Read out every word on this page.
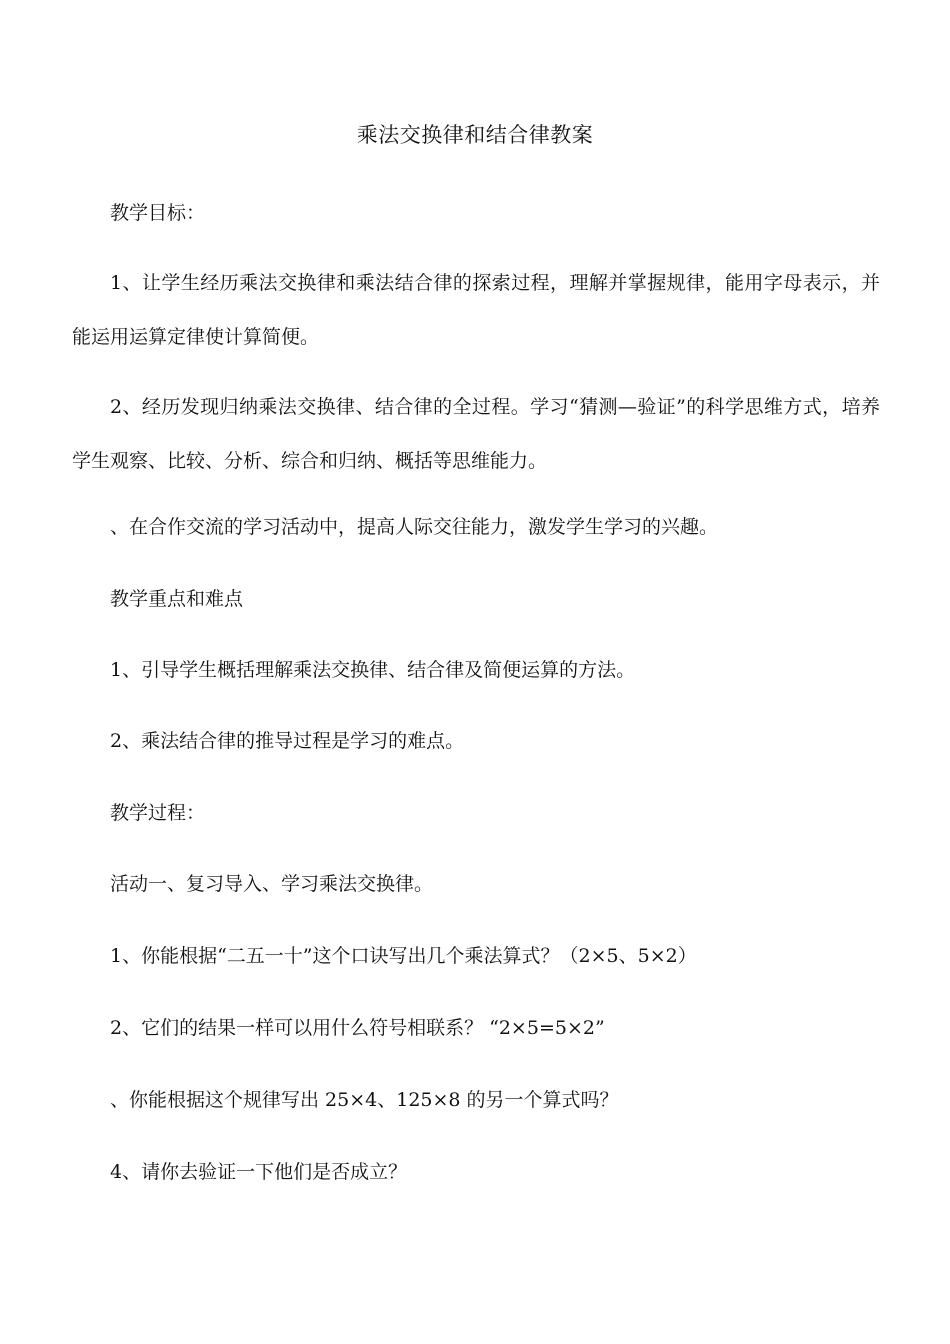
乘法交换律和结合律教案

教学目标：

1、让学生经历乘法交换律和乘法结合律的探索过程，理解并掌握规律，能用字母表示，并能运用运算定律使计算简便。

2、经历发现归纳乘法交换律、结合律的全过程。学习“猜测—验证”的科学思维方式，培养学生观察、比较、分析、综合和归纳、概括等思维能力。

、在合作交流的学习活动中，提高人际交往能力，激发学生学习的兴趣。

教学重点和难点

1、引导学生概括理解乘法交换律、结合律及简便运算的方法。

2、乘法结合律的推导过程是学习的难点。

教学过程：

活动一、复习导入、学习乘法交换律。

1、你能根据“二五一十”这个口诀写出几个乘法算式？（2×5、5×2）

2、它们的结果一样可以用什么符号相联系？ “2×5=5×2”

、你能根据这个规律写出 25×4、125×8 的另一个算式吗？

4、请你去验证一下他们是否成立？
